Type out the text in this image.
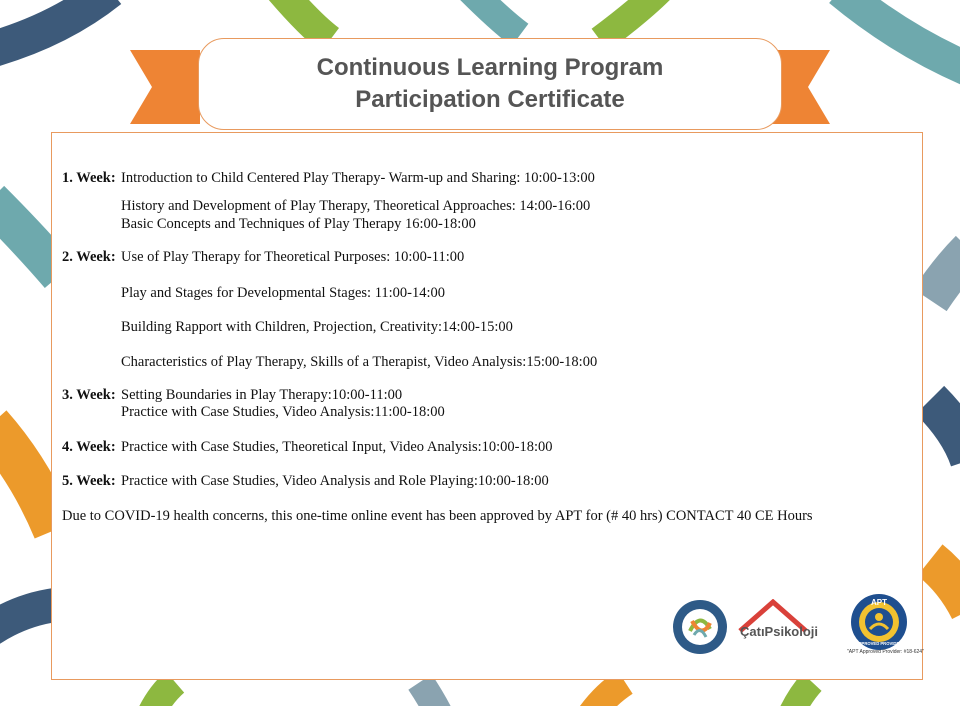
Continuous Learning Program
Participation Certificate
1. Week: Introduction to Child Centered Play Therapy- Warm-up and Sharing: 10:00-13:00
History and Development of Play Therapy, Theoretical Approaches: 14:00-16:00
Basic Concepts and Techniques of Play Therapy 16:00-18:00
2. Week: Use of Play Therapy for Theoretical Purposes: 10:00-11:00
Play and Stages for Developmental Stages: 11:00-14:00
Building Rapport with Children, Projection, Creativity:14:00-15:00
Characteristics of Play Therapy, Skills of a Therapist, Video Analysis:15:00-18:00
3. Week: Setting Boundaries in Play Therapy:10:00-11:00
Practice with Case Studies, Video Analysis:11:00-18:00
4. Week: Practice with Case Studies, Theoretical Input, Video Analysis:10:00-18:00
5. Week: Practice with Case Studies, Video Analysis and Role Playing:10:00-18:00
Due to COVID-19 health concerns, this one-time online event has been approved by APT for (# 40 hrs) CONTACT 40 CE Hours
ÇatıPsikoloji
APT
APPROVED PROVIDER
"APT Approved Provider: #18-624"
